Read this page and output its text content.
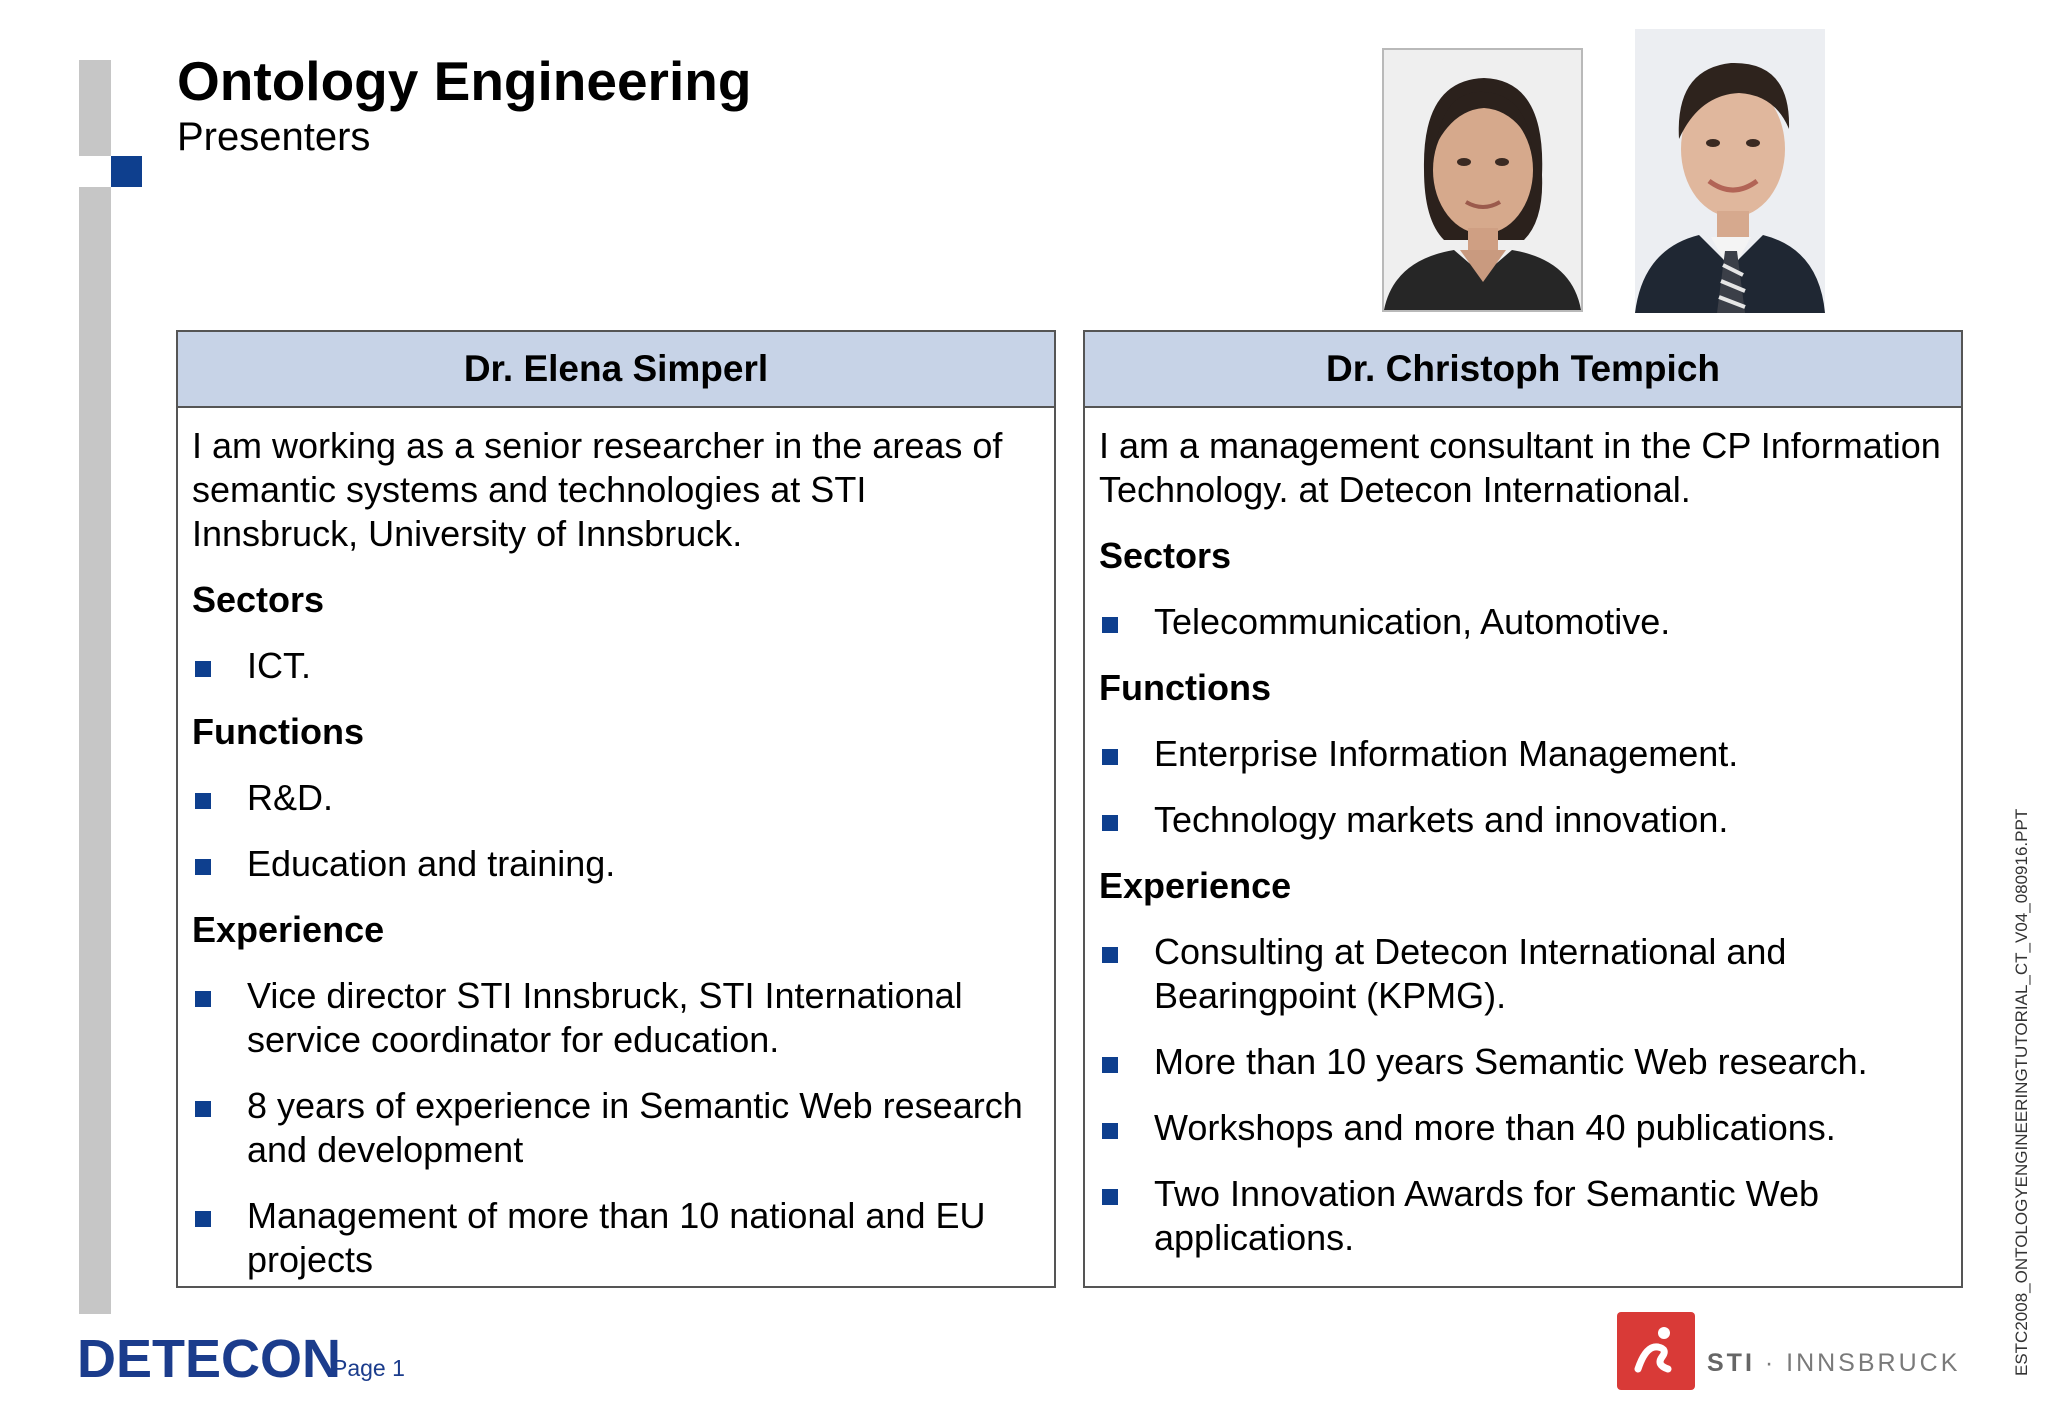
Ontology Engineering
Presenters
Dr. Elena Simperl

I am working as a senior researcher in the areas of semantic systems and technologies at STI Innsbruck, University of Innsbruck.

Sectors
ICT.
Functions
R&D.
Education and training.
Experience
Vice director STI Innsbruck, STI International service coordinator for education.
8 years of experience in Semantic Web research and development
Management of more than 10 national and EU projects
Dr. Christoph Tempich

I am a management consultant in the CP Information Technology. at Detecon International.

Sectors
Telecommunication, Automotive.
Functions
Enterprise Information Management.
Technology markets and innovation.
Experience
Consulting at Detecon International and Bearingpoint (KPMG).
More than 10 years Semantic Web research.
Workshops and more than 40 publications.
Two Innovation Awards for Semantic Web applications.
DETECON
Page 1	STI · INNSBRUCK	ESTC2008_ONTOLOGYENGINEERINGTUTORIAL_CT_V04_080916.PPT
